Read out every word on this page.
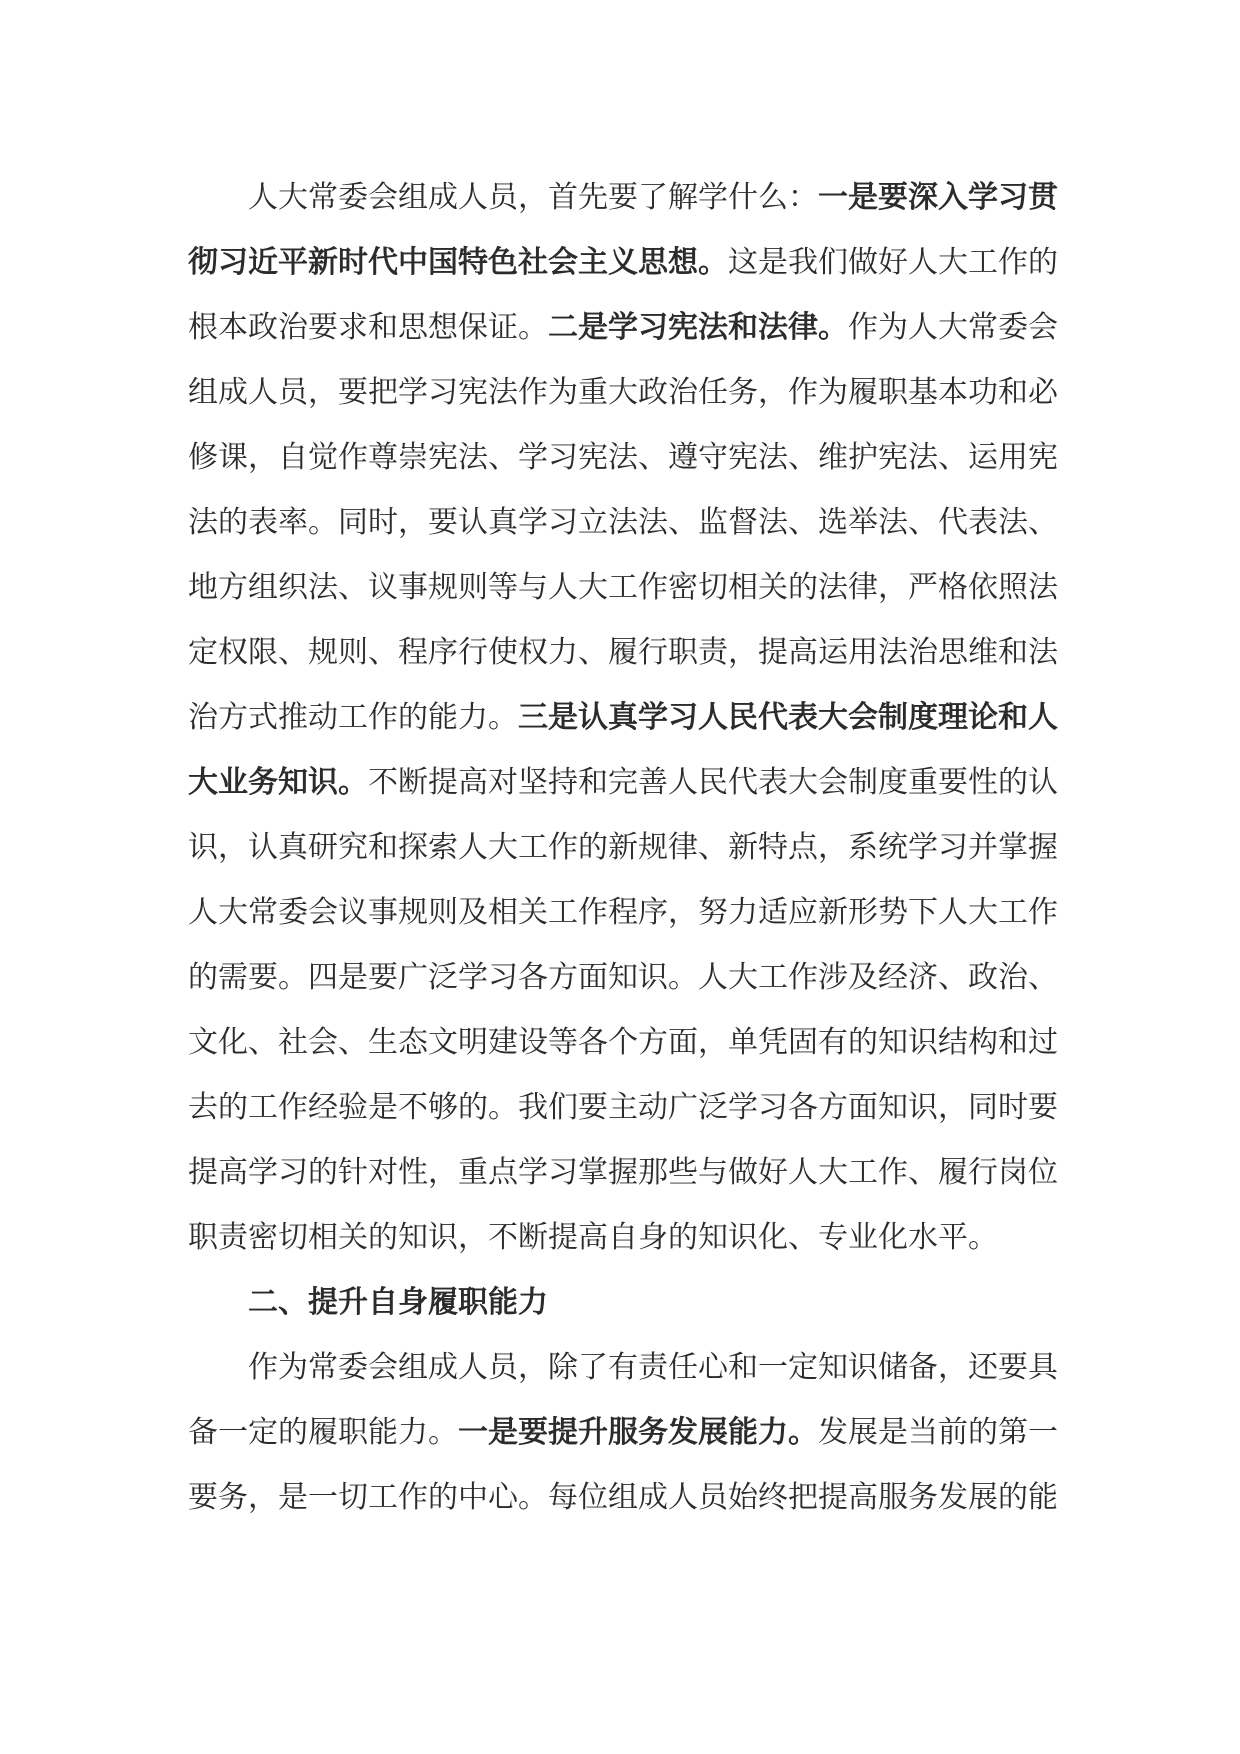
人大常委会组成人员，首先要了解学什么：一是要深入学习贯彻习近平新时代中国特色社会主义思想。这是我们做好人大工作的根本政治要求和思想保证。二是学习宪法和法律。作为人大常委会组成人员，要把学习宪法作为重大政治任务，作为履职基本功和必修课，自觉作尊崇宪法、学习宪法、遵守宪法、维护宪法、运用宪法的表率。同时，要认真学习立法法、监督法、选举法、代表法、地方组织法、议事规则等与人大工作密切相关的法律，严格依照法定权限、规则、程序行使权力、履行职责，提高运用法治思维和法治方式推动工作的能力。三是认真学习人民代表大会制度理论和人大业务知识。不断提高对坚持和完善人民代表大会制度重要性的认识，认真研究和探索人大工作的新规律、新特点，系统学习并掌握人大常委会议事规则及相关工作程序，努力适应新形势下人大工作的需要。四是要广泛学习各方面知识。人大工作涉及经济、政治、文化、社会、生态文明建设等各个方面，单凭固有的知识结构和过去的工作经验是不够的。我们要主动广泛学习各方面知识，同时要提高学习的针对性，重点学习掌握那些与做好人大工作、履行岗位职责密切相关的知识，不断提高自身的知识化、专业化水平。

二、提升自身履职能力

作为常委会组成人员，除了有责任心和一定知识储备，还要具备一定的履职能力。一是要提升服务发展能力。发展是当前的第一要务，是一切工作的中心。每位组成人员始终把提高服务发展的能
